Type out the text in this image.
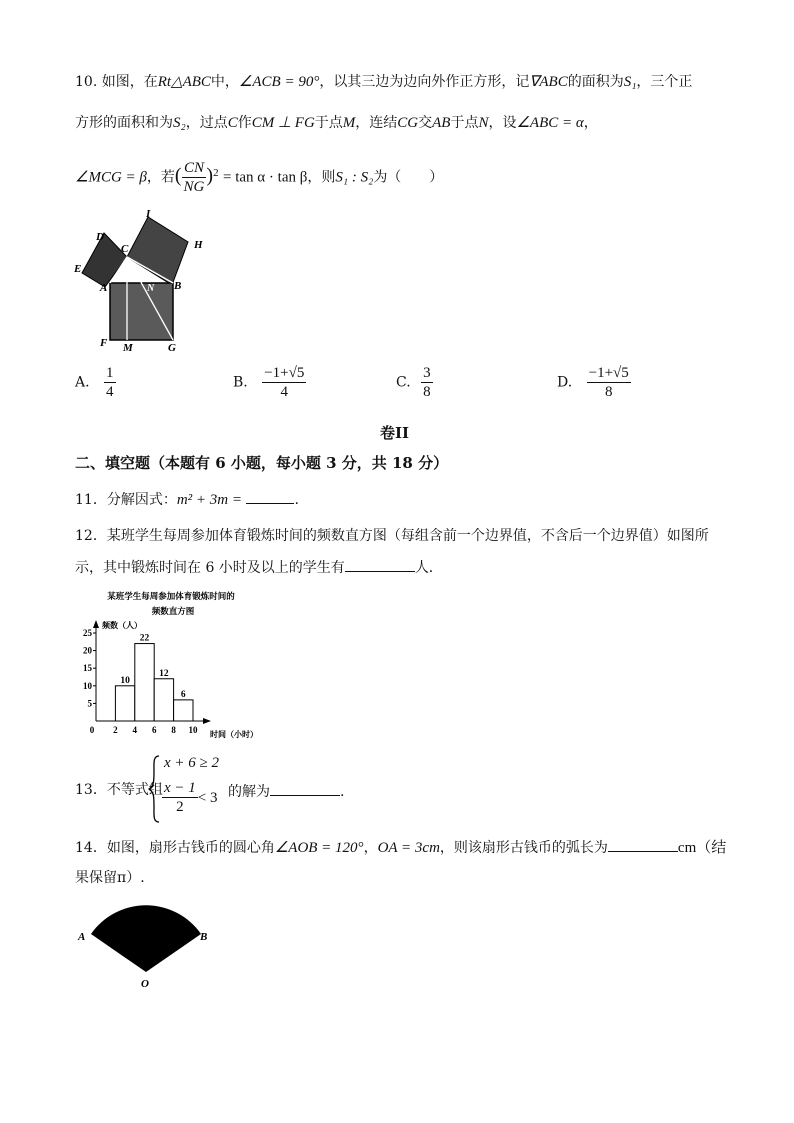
10. 如图，在Rt△ABC中，∠ACB = 90°，以其三边为边向外作正方形，记∇ABC的面积为S₁，三个正
方形的面积和为S₂，过点C作CM ⊥ FG于点M，连结CG交AB于点N，设∠ABC = α，
∠MCG = β，若( $\frac{CN}{NG} )^2 = \tan \alpha \cdot \tan \beta$，则S₁ : S₂为（　　）
D
C
I
H
E
A	N B
F M	G
A. $\frac{1}{4}$	B. $\frac{-1+√5}{4}$	C. $\frac{3}{8}$	D. $\frac{-1+√5}{8}$
卷II
二、填空题（本题有 6 小题，每小题 3 分，共 18 分）
11．分解因式：m² + 3m =	.
12．某班学生每周参加体育锻炼时间的频数直方图（每组含前一个边界值，不含后一个边界值）如图所
示，其中锻炼时间在 6 小时及以上的学生有	人．
某班学生每周参加体育锻炼时间的
频数直方图
频数（人）
时间（小时）
0 2 4 6 8 10
5
10
15
20
25
10
22
12
6
13．不等式组
x + 6 ≥ 2
$\frac{x - 1}{2} < 3$ 的解为	.
14．如图，扇形古钱币的圆心角∠AOB = 120°，OA = 3cm，则该扇形古钱币的弧长为	cm（结
果保留π）.
A	B
O
